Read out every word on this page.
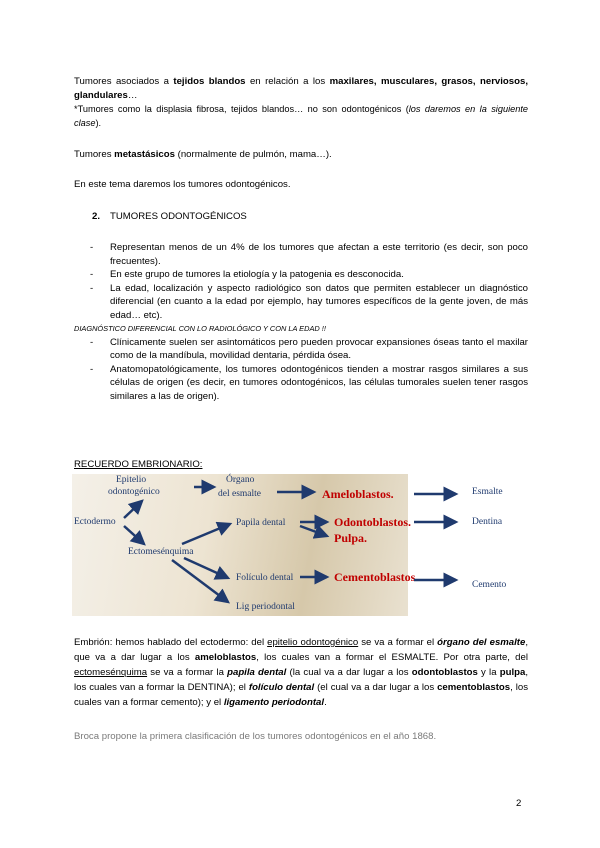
Tumores asociados a tejidos blandos en relación a los maxilares, musculares, grasos, nerviosos, glandulares…
*Tumores como la displasia fibrosa, tejidos blandos… no son odontogénicos (los daremos en la siguiente clase).
Tumores metastásicos (normalmente de pulmón, mama…).
En este tema daremos los tumores odontogénicos.
2. TUMORES ODONTOGÉNICOS
- Representan menos de un 4% de los tumores que afectan a este territorio (es decir, son poco frecuentes).
- En este grupo de tumores la etiología y la patogenia es desconocida.
- La edad, localización y aspecto radiológico son datos que permiten establecer un diagnóstico diferencial (en cuanto a la edad por ejemplo, hay tumores específicos de la gente joven, de más edad… etc).
DIAGNÓSTICO DIFERENCIAL CON LO RADIOLÓGICO Y CON LA EDAD !!
- Clínicamente suelen ser asintomáticos pero pueden provocar expansiones óseas tanto el maxilar como de la mandíbula, movilidad dentaria, pérdida ósea.
- Anatomopatológicamente, los tumores odontogénicos tienden a mostrar rasgos similares a sus células de origen (es decir, en tumores odontogénicos, las células tumorales suelen tener rasgos similares a las de origen).
RECUERDO EMBRIONARIO:
Ectodermo
Epitelio
odontogénico
Órgano
del esmalte	Ameloblastos.
Ectomesénquima
Papila dental	Odontoblastos.
Pulpa.
Folículo dental	Cementoblastos.
Lig periodontal
Esmalte
Dentina
Cemento
Embrión: hemos hablado del ectodermo: del epitelio odontogénico se va a formar el órgano del esmalte, que va a dar lugar a los ameloblastos, los cuales van a formar el ESMALTE. Por otra parte, del ectomesénquima se va a formar la papila dental (la cual va a dar lugar a los odontoblastos y la pulpa, los cuales van a formar la DENTINA); el folículo dental (el cual va a dar lugar a los cementoblastos, los cuales van a formar cemento); y el ligamento periodontal.
Broca propone la primera clasificación de los tumores odontogénicos en el año 1868.
2
